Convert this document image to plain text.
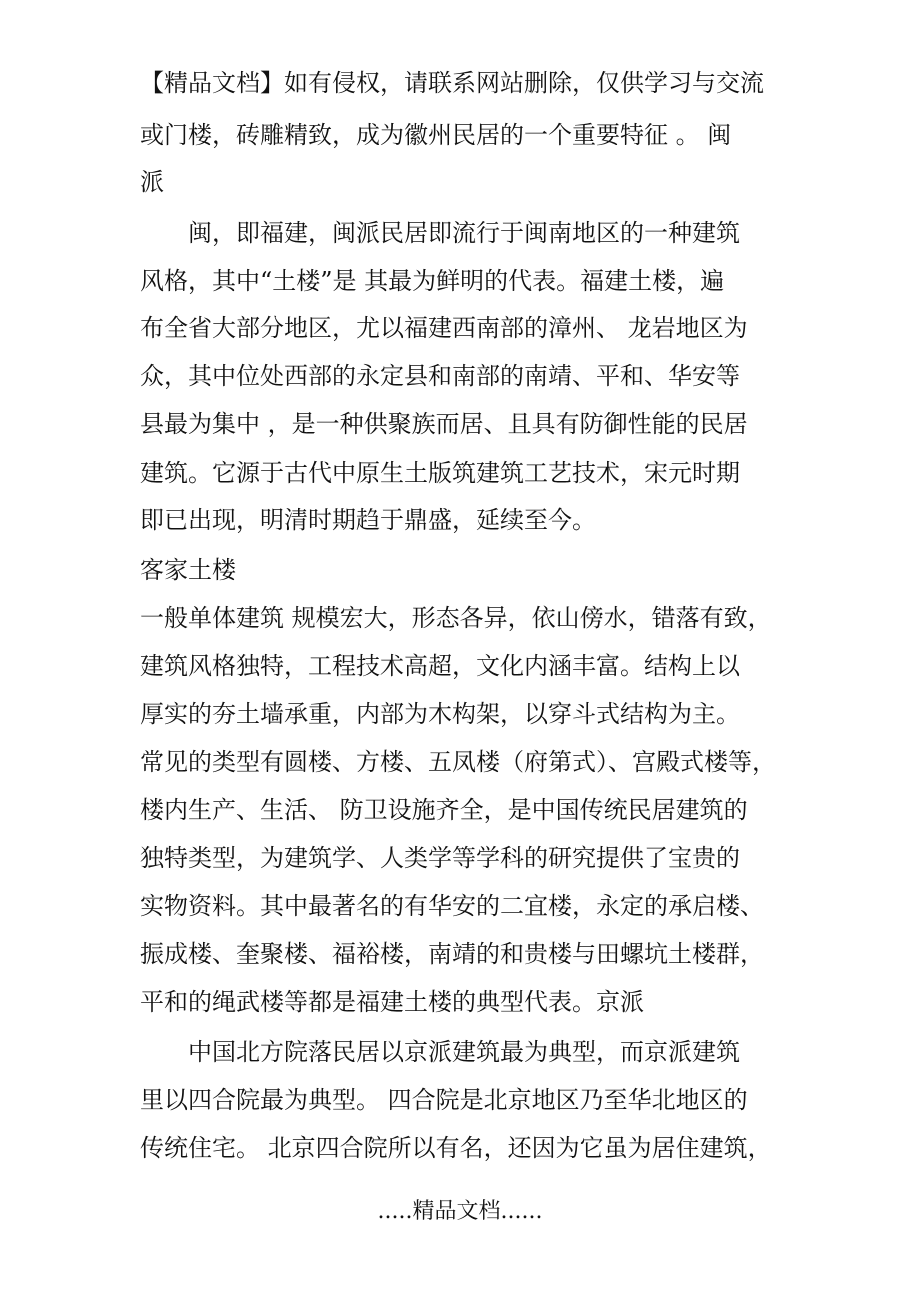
【精品文档】如有侵权，请联系网站删除，仅供学习与交流
或门楼，砖雕精致，成为徽州民居的一个重要特征 。 闽
派
闽，即福建，闽派民居即流行于闽南地区的一种建筑
风格，其中“土楼”是 其最为鲜明的代表。福建土楼，遍
布全省大部分地区，尤以福建西南部的漳州、 龙岩地区为
众，其中位处西部的永定县和南部的南靖、平和、华安等
县最为集中 ，是一种供聚族而居、且具有防御性能的民居
建筑。它源于古代中原生土版筑建筑工艺技术，宋元时期
即已出现，明清时期趋于鼎盛，延续至今。
客家土楼
一般单体建筑 规模宏大，形态各异，依山傍水，错落有致，
建筑风格独特，工程技术高超，文化内涵丰富。结构上以
厚实的夯土墙承重，内部为木构架，以穿斗式结构为主。
常见的类型有圆楼、方楼、五凤楼（府第式）、宫殿式楼等，
楼内生产、生活、 防卫设施齐全，是中国传统民居建筑的
独特类型，为建筑学、人类学等学科的研究提供了宝贵的
实物资料。其中最著名的有华安的二宜楼，永定的承启楼、
振成楼、奎聚楼、福裕楼，南靖的和贵楼与田螺坑土楼群，
平和的绳武楼等都是福建土楼的典型代表。京派
中国北方院落民居以京派建筑最为典型，而京派建筑
里以四合院最为典型。 四合院是北京地区乃至华北地区的
传统住宅。 北京四合院所以有名，还因为它虽为居住建筑，
.....精品文档......
